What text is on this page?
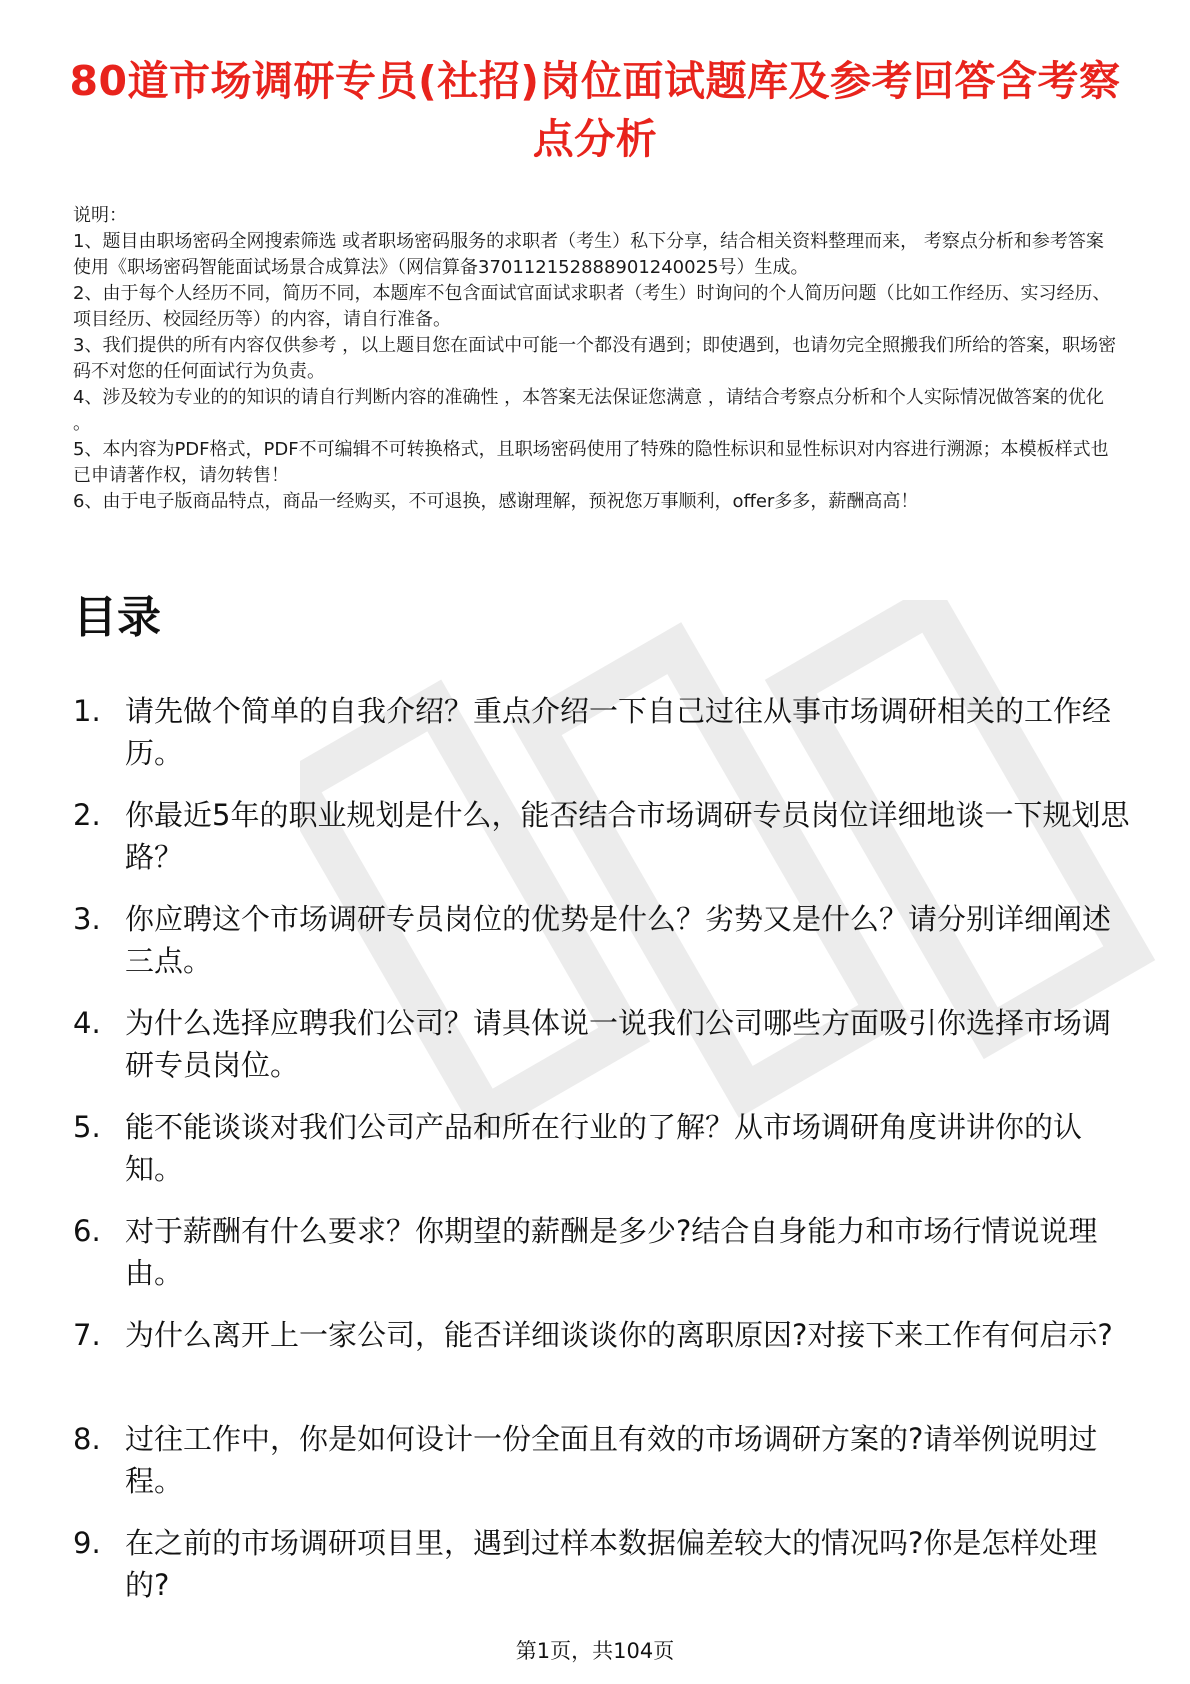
80道市场调研专员(社招)岗位面试题库及参考回答含考察点分析
说明：
1、题目由职场密码全网搜索筛选 或者职场密码服务的求职者（考生）私下分享，结合相关资料整理而来， 考察点分析和参考答案使用《职场密码智能面试场景合成算法》（网信算备370112152888901240025号）生成。
2、由于每个人经历不同，简历不同，本题库不包含面试官面试求职者（考生）时询问的个人简历问题（比如工作经历、实习经历、项目经历、校园经历等）的内容，请自行准备。
3、我们提供的所有内容仅供参考 ，以上题目您在面试中可能一个都没有遇到；即使遇到，也请勿完全照搬我们所给的答案，职场密码不对您的任何面试行为负责。
4、涉及较为专业的的知识的请自行判断内容的准确性 ，本答案无法保证您满意 ，请结合考察点分析和个人实际情况做答案的优化 。
5、本内容为PDF格式，PDF不可编辑不可转换格式，且职场密码使用了特殊的隐性标识和显性标识对内容进行溯源；本模板样式也已申请著作权，请勿转售！
6、由于电子版商品特点，商品一经购买，不可退换，感谢理解，预祝您万事顺利，offer多多，薪酬高高！
目录
1. 请先做个简单的自我介绍？重点介绍一下自己过往从事市场调研相关的工作经历。
2. 你最近5年的职业规划是什么，能否结合市场调研专员岗位详细地谈一下规划思路？
3. 你应聘这个市场调研专员岗位的优势是什么？劣势又是什么？请分别详细阐述三点。
4. 为什么选择应聘我们公司？请具体说一说我们公司哪些方面吸引你选择市场调研专员岗位。
5. 能不能谈谈对我们公司产品和所在行业的了解？从市场调研角度讲讲你的认知。
6. 对于薪酬有什么要求？你期望的薪酬是多少?结合自身能力和市场行情说说理由。
7. 为什么离开上一家公司，能否详细谈谈你的离职原因?对接下来工作有何启示?
8. 过往工作中，你是如何设计一份全面且有效的市场调研方案的?请举例说明过程。
9. 在之前的市场调研项目里，遇到过样本数据偏差较大的情况吗?你是怎样处理的?
第1页，共104页
